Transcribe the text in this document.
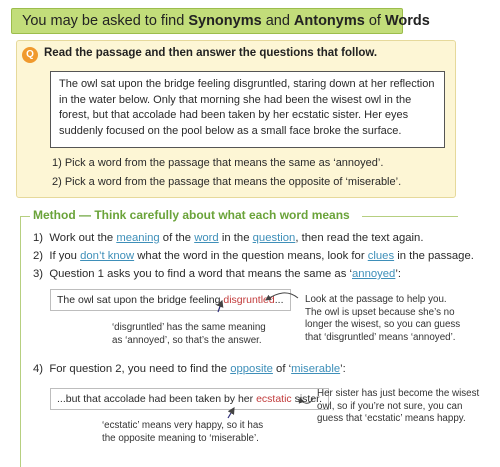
You may be asked to find Synonyms and Antonyms of Words
Q Read the passage and then answer the questions that follow.
The owl sat upon the bridge feeling disgruntled, staring down at her reflection
in the water below. Only that morning she had been the wisest owl in the
forest, but that accolade had been taken by her ecstatic sister. Her eyes
suddenly focused on the pool below as a small face broke the surface.
1) Pick a word from the passage that means the same as ‘annoyed’.
2) Pick a word from the passage that means the opposite of ‘miserable’.
Method — Think carefully about what each word means
1) Work out the meaning of the word in the question, then read the text again.
2) If you don’t know what the word in the question means, look for clues in the passage.
3) Question 1 asks you to find a word that means the same as ‘annoyed’:
The owl sat upon the bridge feeling disgruntled...
‘disgruntled’ has the same meaning
as ‘annoyed’, so that’s the answer.
Look at the passage to help you.
The owl is upset because she’s no
longer the wisest, so you can guess
that ‘disgruntled’ means ‘annoyed’.
4) For question 2, you need to find the opposite of ‘miserable’:
...but that accolade had been taken by her ecstatic sister.
‘ecstatic’ means very happy, so it has
the opposite meaning to ‘miserable’.
Her sister has just become the wisest
owl, so if you’re not sure, you can
guess that ‘ecstatic’ means happy.
